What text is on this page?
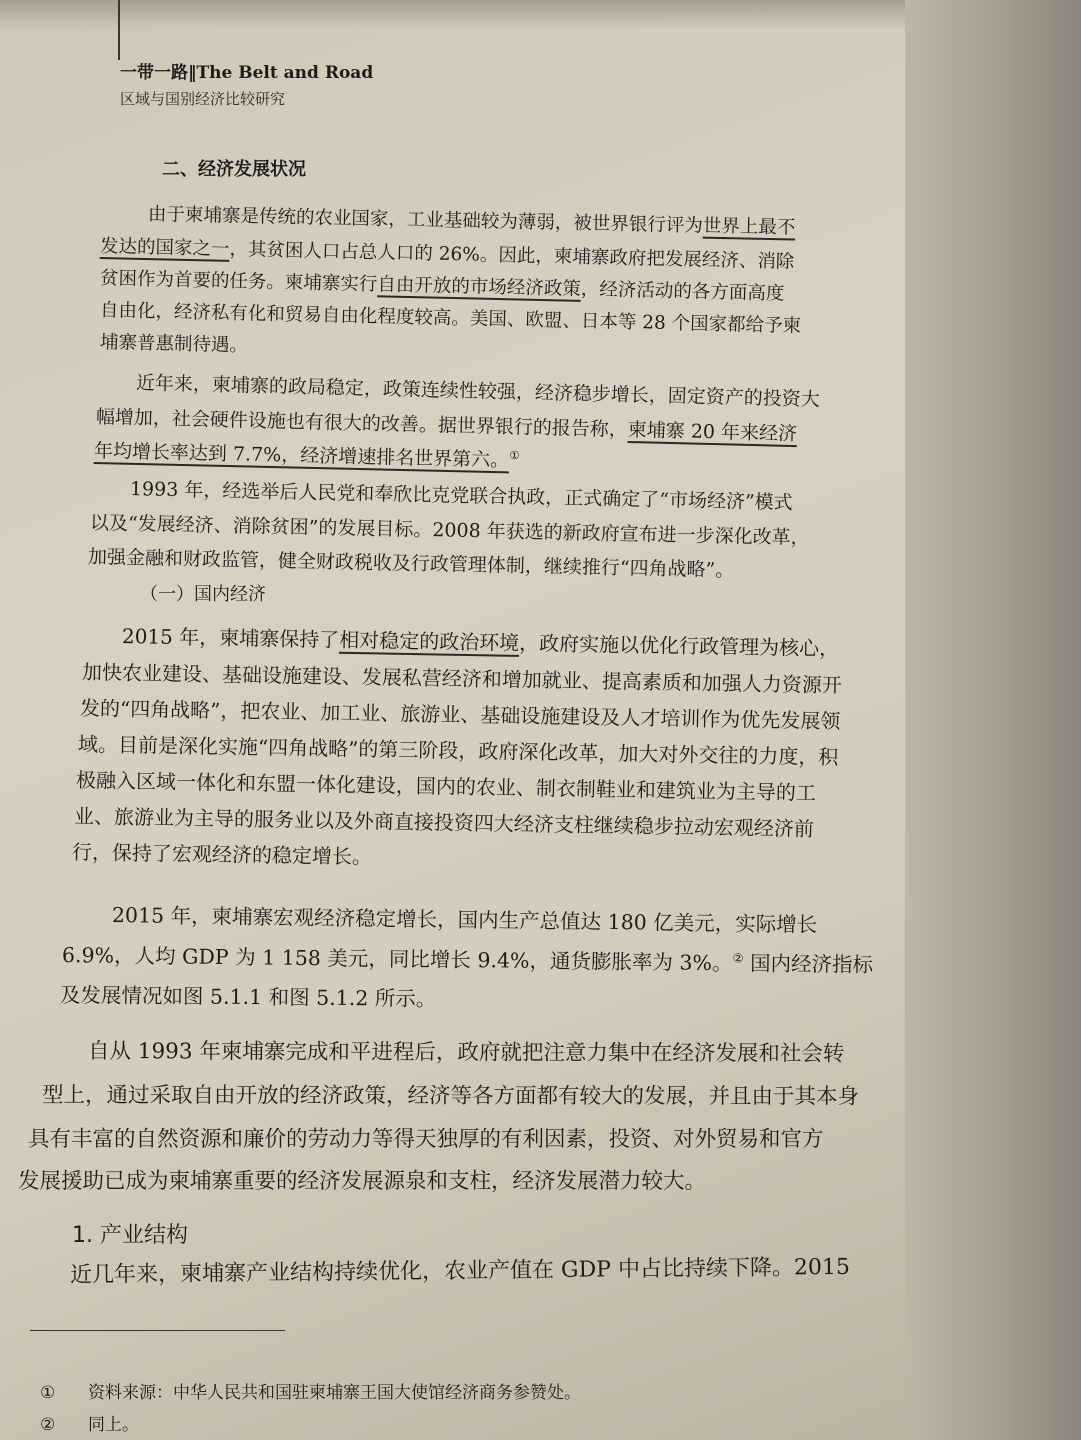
一带一路‖The Belt and Road
区域与国别经济比较研究
二、经济发展状况
由于柬埔寨是传统的农业国家，工业基础较为薄弱，被世界银行评为世界上最不
发达的国家之一，其贫困人口占总人口的 26%。因此，柬埔寨政府把发展经济、消除
贫困作为首要的任务。柬埔寨实行自由开放的市场经济政策，经济活动的各方面高度
自由化，经济私有化和贸易自由化程度较高。美国、欧盟、日本等 28 个国家都给予柬
埔寨普惠制待遇。
近年来，柬埔寨的政局稳定，政策连续性较强，经济稳步增长，固定资产的投资大
幅增加，社会硬件设施也有很大的改善。据世界银行的报告称，柬埔寨 20 年来经济
年均增长率达到 7.7%，经济增速排名世界第六。①
1993 年，经选举后人民党和奉欣比克党联合执政，正式确定了“市场经济”模式
以及“发展经济、消除贫困”的发展目标。2008 年获选的新政府宣布进一步深化改革，
加强金融和财政监管，健全财政税收及行政管理体制，继续推行“四角战略”。
（一）国内经济
2015 年，柬埔寨保持了相对稳定的政治环境，政府实施以优化行政管理为核心，
加快农业建设、基础设施建设、发展私营经济和增加就业、提高素质和加强人力资源开
发的“四角战略”，把农业、加工业、旅游业、基础设施建设及人才培训作为优先发展领
域。目前是深化实施“四角战略”的第三阶段，政府深化改革，加大对外交往的力度，积
极融入区域一体化和东盟一体化建设，国内的农业、制衣制鞋业和建筑业为主导的工
业、旅游业为主导的服务业以及外商直接投资四大经济支柱继续稳步拉动宏观经济前
行，保持了宏观经济的稳定增长。
2015 年，柬埔寨宏观经济稳定增长，国内生产总值达 180 亿美元，实际增长
6.9%，人均 GDP 为 1 158 美元，同比增长 9.4%，通货膨胀率为 3%。② 国内经济指标
及发展情况如图 5.1.1 和图 5.1.2 所示。
自从 1993 年柬埔寨完成和平进程后，政府就把注意力集中在经济发展和社会转
型上，通过采取自由开放的经济政策，经济等各方面都有较大的发展，并且由于其本身
具有丰富的自然资源和廉价的劳动力等得天独厚的有利因素，投资、对外贸易和官方
发展援助已成为柬埔寨重要的经济发展源泉和支柱，经济发展潜力较大。
1. 产业结构
近几年来，柬埔寨产业结构持续优化，农业产值在 GDP 中占比持续下降。2015
① 资料来源：中华人民共和国驻柬埔寨王国大使馆经济商务参赞处。
② 同上。
